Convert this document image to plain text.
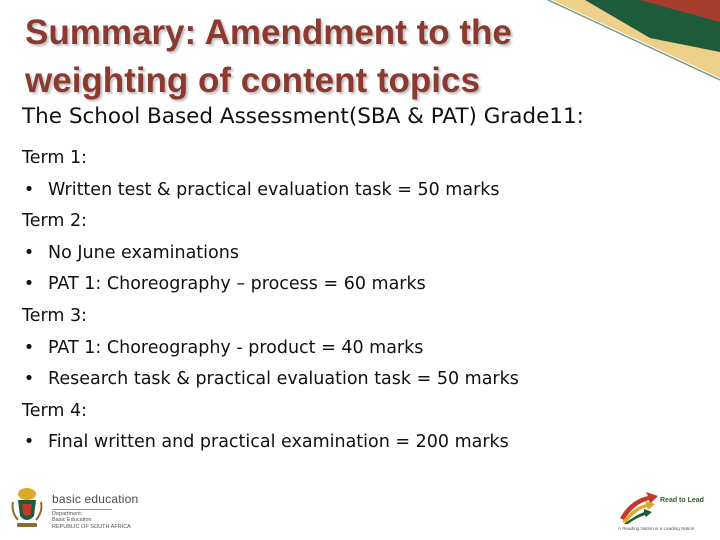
Summary: Amendment to the
weighting of content topics
The School Based Assessment(SBA & PAT) Grade11:
Term 1:
• Written test & practical evaluation task = 50 marks
Term 2:
• No June examinations
• PAT 1: Choreography – process = 60 marks
Term 3:
• PAT 1: Choreography - product = 40 marks
• Research task & practical evaluation task = 50 marks
Term 4:
• Final written and practical examination = 200 marks
basic education
Department:
Basic Education
REPUBLIC OF SOUTH AFRICA
Read to Lead
A Reading Nation is a Leading Nation
